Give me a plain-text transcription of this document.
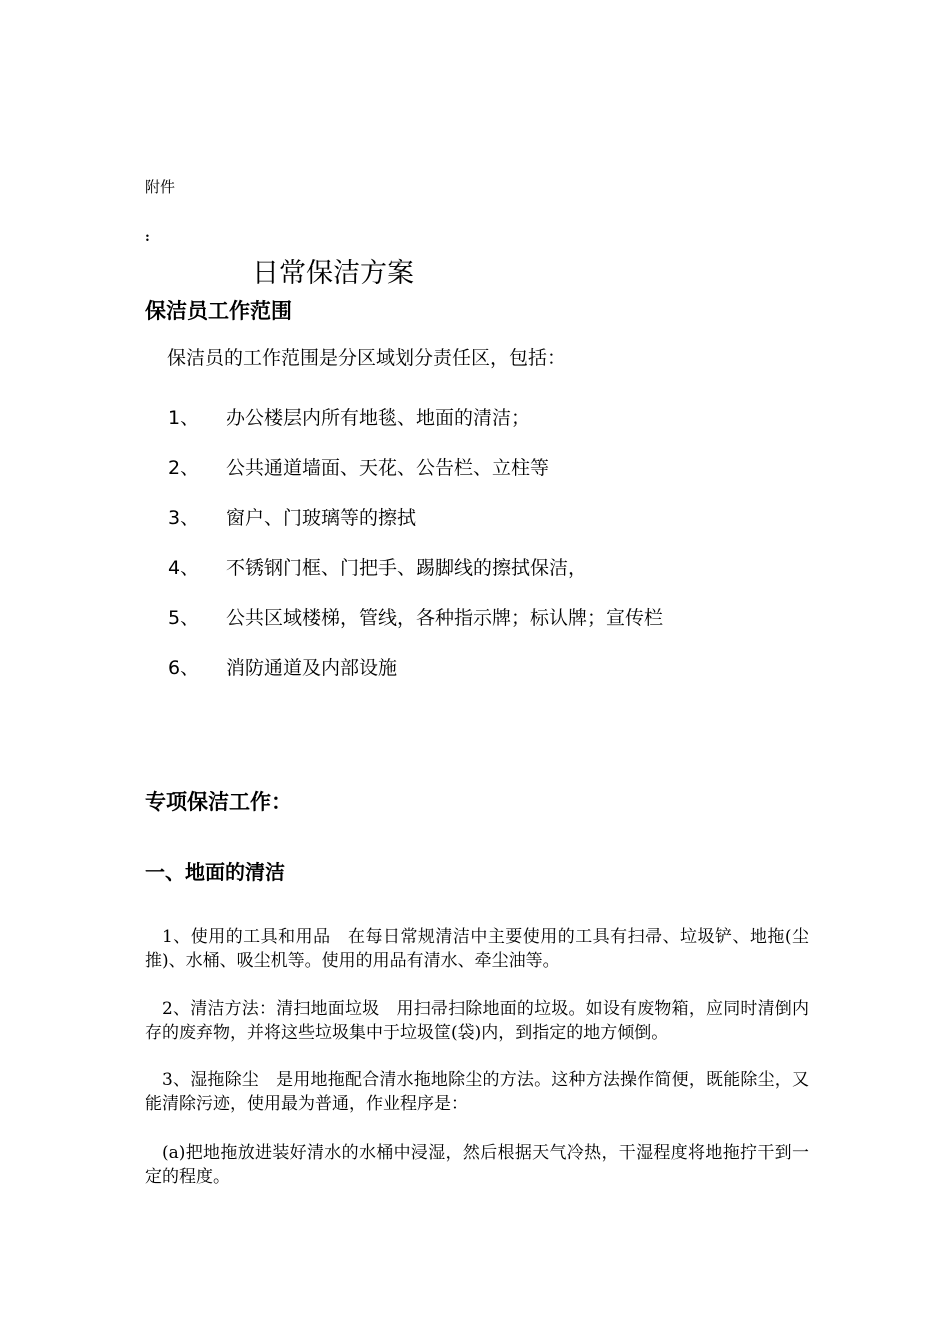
附件
:
日常保洁方案
保洁员工作范围
保洁员的工作范围是分区域划分责任区，包括：
1、 办公楼层内所有地毯、地面的清洁；
2、 公共通道墙面、天花、公告栏、立柱等
3、 窗户、门玻璃等的擦拭
4、 不锈钢门框、门把手、踢脚线的擦拭保洁，
5、 公共区域楼梯，管线，各种指示牌；标认牌；宣传栏
6、 消防通道及内部设施
专项保洁工作：
一、地面的清洁

1、使用的工具和用品　在每日常规清洁中主要使用的工具有扫帚、垃圾铲、地拖(尘推)、水桶、吸尘机等。使用的用品有清水、牵尘油等。

2、清洁方法：清扫地面垃圾　用扫帚扫除地面的垃圾。如设有废物箱，应同时清倒内存的废弃物，并将这些垃圾集中于垃圾筐(袋)内，到指定的地方倾倒。

3、湿拖除尘　是用地拖配合清水拖地除尘的方法。这种方法操作简便，既能除尘，又能清除污迹，使用最为普通，作业程序是：

(a)把地拖放进装好清水的水桶中浸湿，然后根据天气冷热，干湿程度将地拖拧干到一定的程度。
